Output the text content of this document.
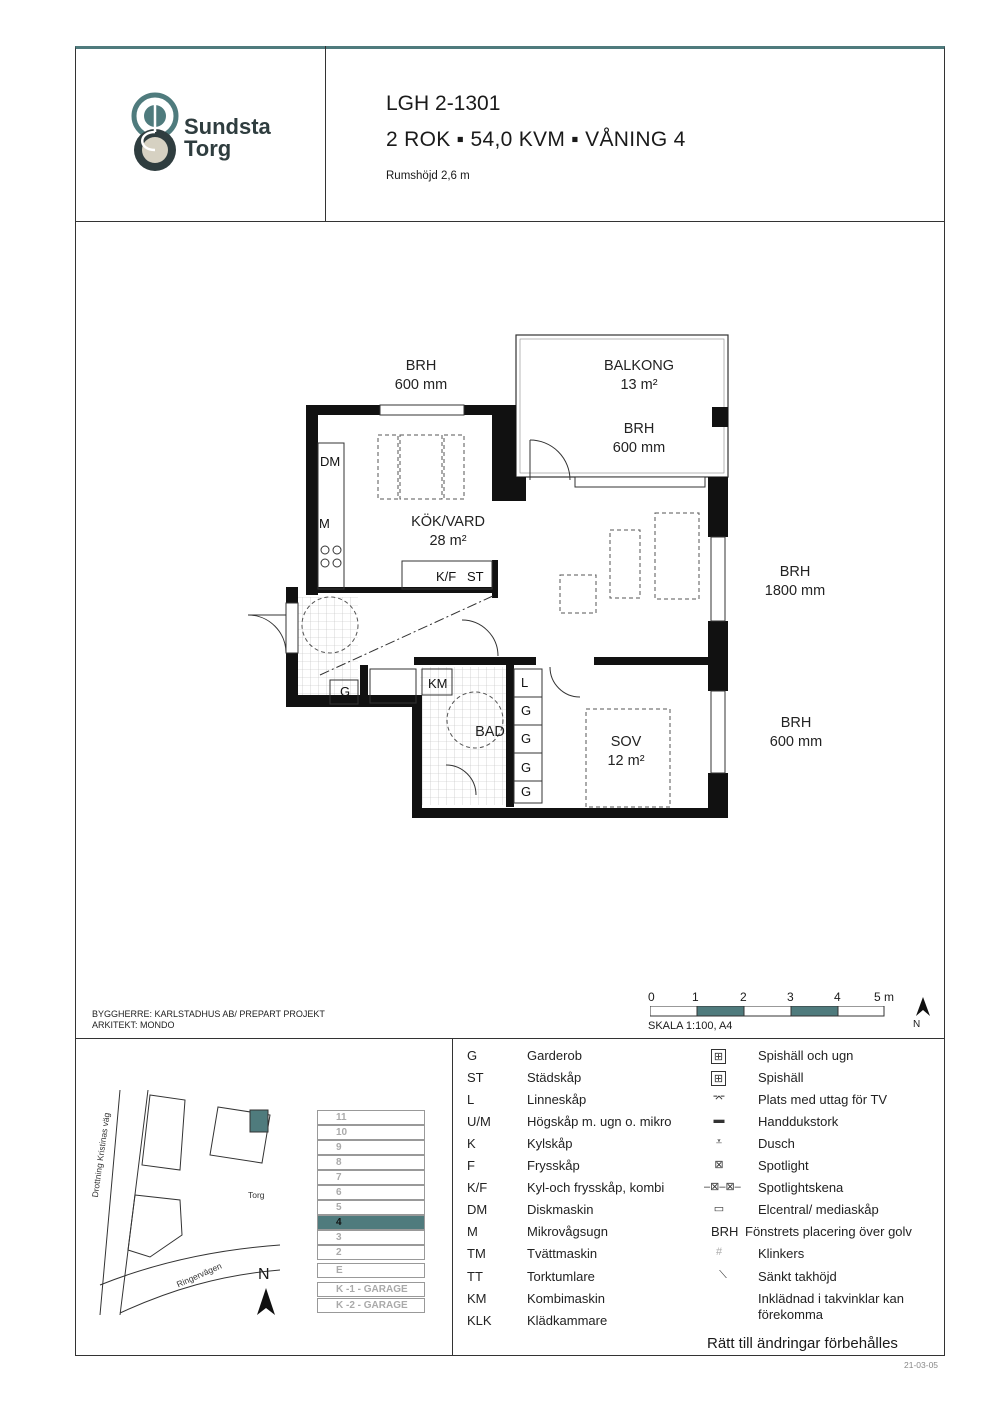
Sundsta
Torg
LGH 2-1301
2 ROK ▪ 54,0 KVM ▪ VÅNING 4
Rumshöjd 2,6 m
BRH
600 mm
BALKONG
13 m²
BRH
600 mm
KÖK/VARD
28 m²
BRH
1800 mm
SOV
12 m²
BRH
600 mm
BAD
DM
M
K/F ST
KM
G
L
G
G
G
G
BYGGHERRE: KARLSTADHUS AB/ PREPART PROJEKT
ARKITEKT: MONDO
0	1	2	3	4	5 m
SKALA 1:100, A4	N
Torg
Ringervägen
Drottning Kristinas väg
N
11
10
9
8
7
6
5
4
3
2
E
K -1 - GARAGE
K -2 - GARAGE
G	Garderob
ST	Städskåp
L	Linneskåp
U/M	Högskåp m. ugn o. mikro
K	Kylskåp
F	Frysskåp
K/F	Kyl-och frysskåp, kombi
DM	Diskmaskin
M	Mikrovågsugn
TM	Tvättmaskin
TT	Torktumlare
KM	Kombimaskin
KLK	Klädkammare
⊞	Spishäll och ugn
⊞	Spishäll
⌤	Plats med uttag för TV
▬	Handdukstork
⩡	Dusch
⊠	Spotlight
–⊠–⊠– Spotlightskena
▭	Elcentral/ mediaskåp
BRH Fönstrets placering över golv
#	Klinkers
⟍	Sänkt takhöjd
Inklädnad i takvinklar kan förekomma
Rätt till ändringar förbehålles
21-03-05
